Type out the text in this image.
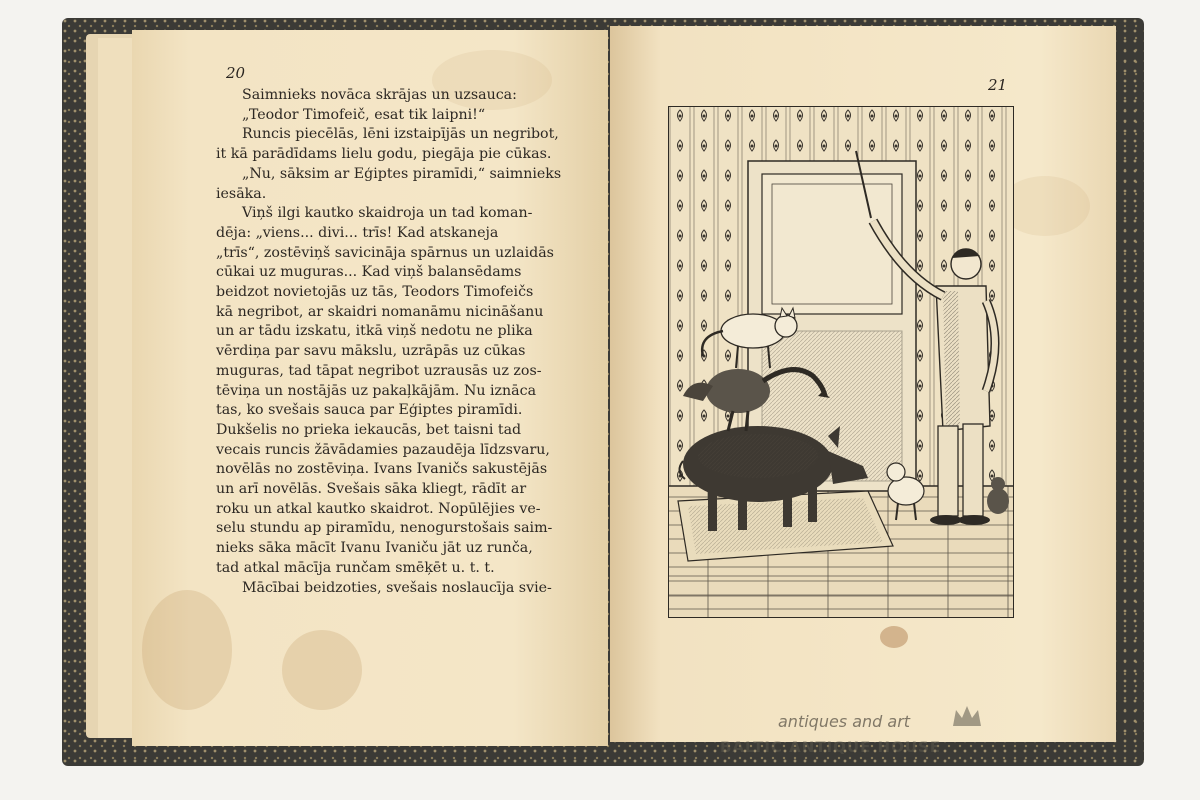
20
21

Saimnieks novāca skrājas un uzsauca:

„Teodor Timofeič, esat tik laipni!“

Runcis piecēlās, lēni izstaipījās un negribot,

it kā parādīdams lielu godu, piegāja pie cūkas.

„Nu, sāksim ar Eģiptes piramīdi,“ saimnieks

iesāka.

Viņš ilgi kautko skaidroja un tad koman-

dēja: „viens... divi... trīs! Kad atskaneja

„trīs“, zostēviņš savicināja spārnus un uzlaidās

cūkai uz muguras... Kad viņš balansēdams

beidzot novietojās uz tās, Teodors Timofeičs

kā negribot, ar skaidri nomanāmu nicināšanu

un ar tādu izskatu, itkā viņš nedotu ne plika

vērdiņa par savu mākslu, uzrāpās uz cūkas

muguras, tad tāpat negribot uzrausās uz zos-

tēviņa un nostājās uz pakaļkājām. Nu iznāca

tas, ko svešais sauca par Eģiptes piramīdi.

Dukšelis no prieka iekaucās, bet taisni tad

vecais runcis žāvādamies pazaudēja līdzsvaru,

novēlās no zostēviņa. Ivans Ivaničs sakustējās

un arī novēlās. Svešais sāka kliegt, rādīt ar

roku un atkal kautko skaidrot. Nopūlējies ve-

selu stundu ap piramīdu, nenogurstošais saim-

nieks sāka mācīt Ivanu Ivaniču jāt uz runča,

tad atkal mācīja runčam smēķēt u. t. t.

Mācībai beidzoties, svešais noslaucīja svie-

antiques and art
BALTIC ANTIQUE HOUSE
